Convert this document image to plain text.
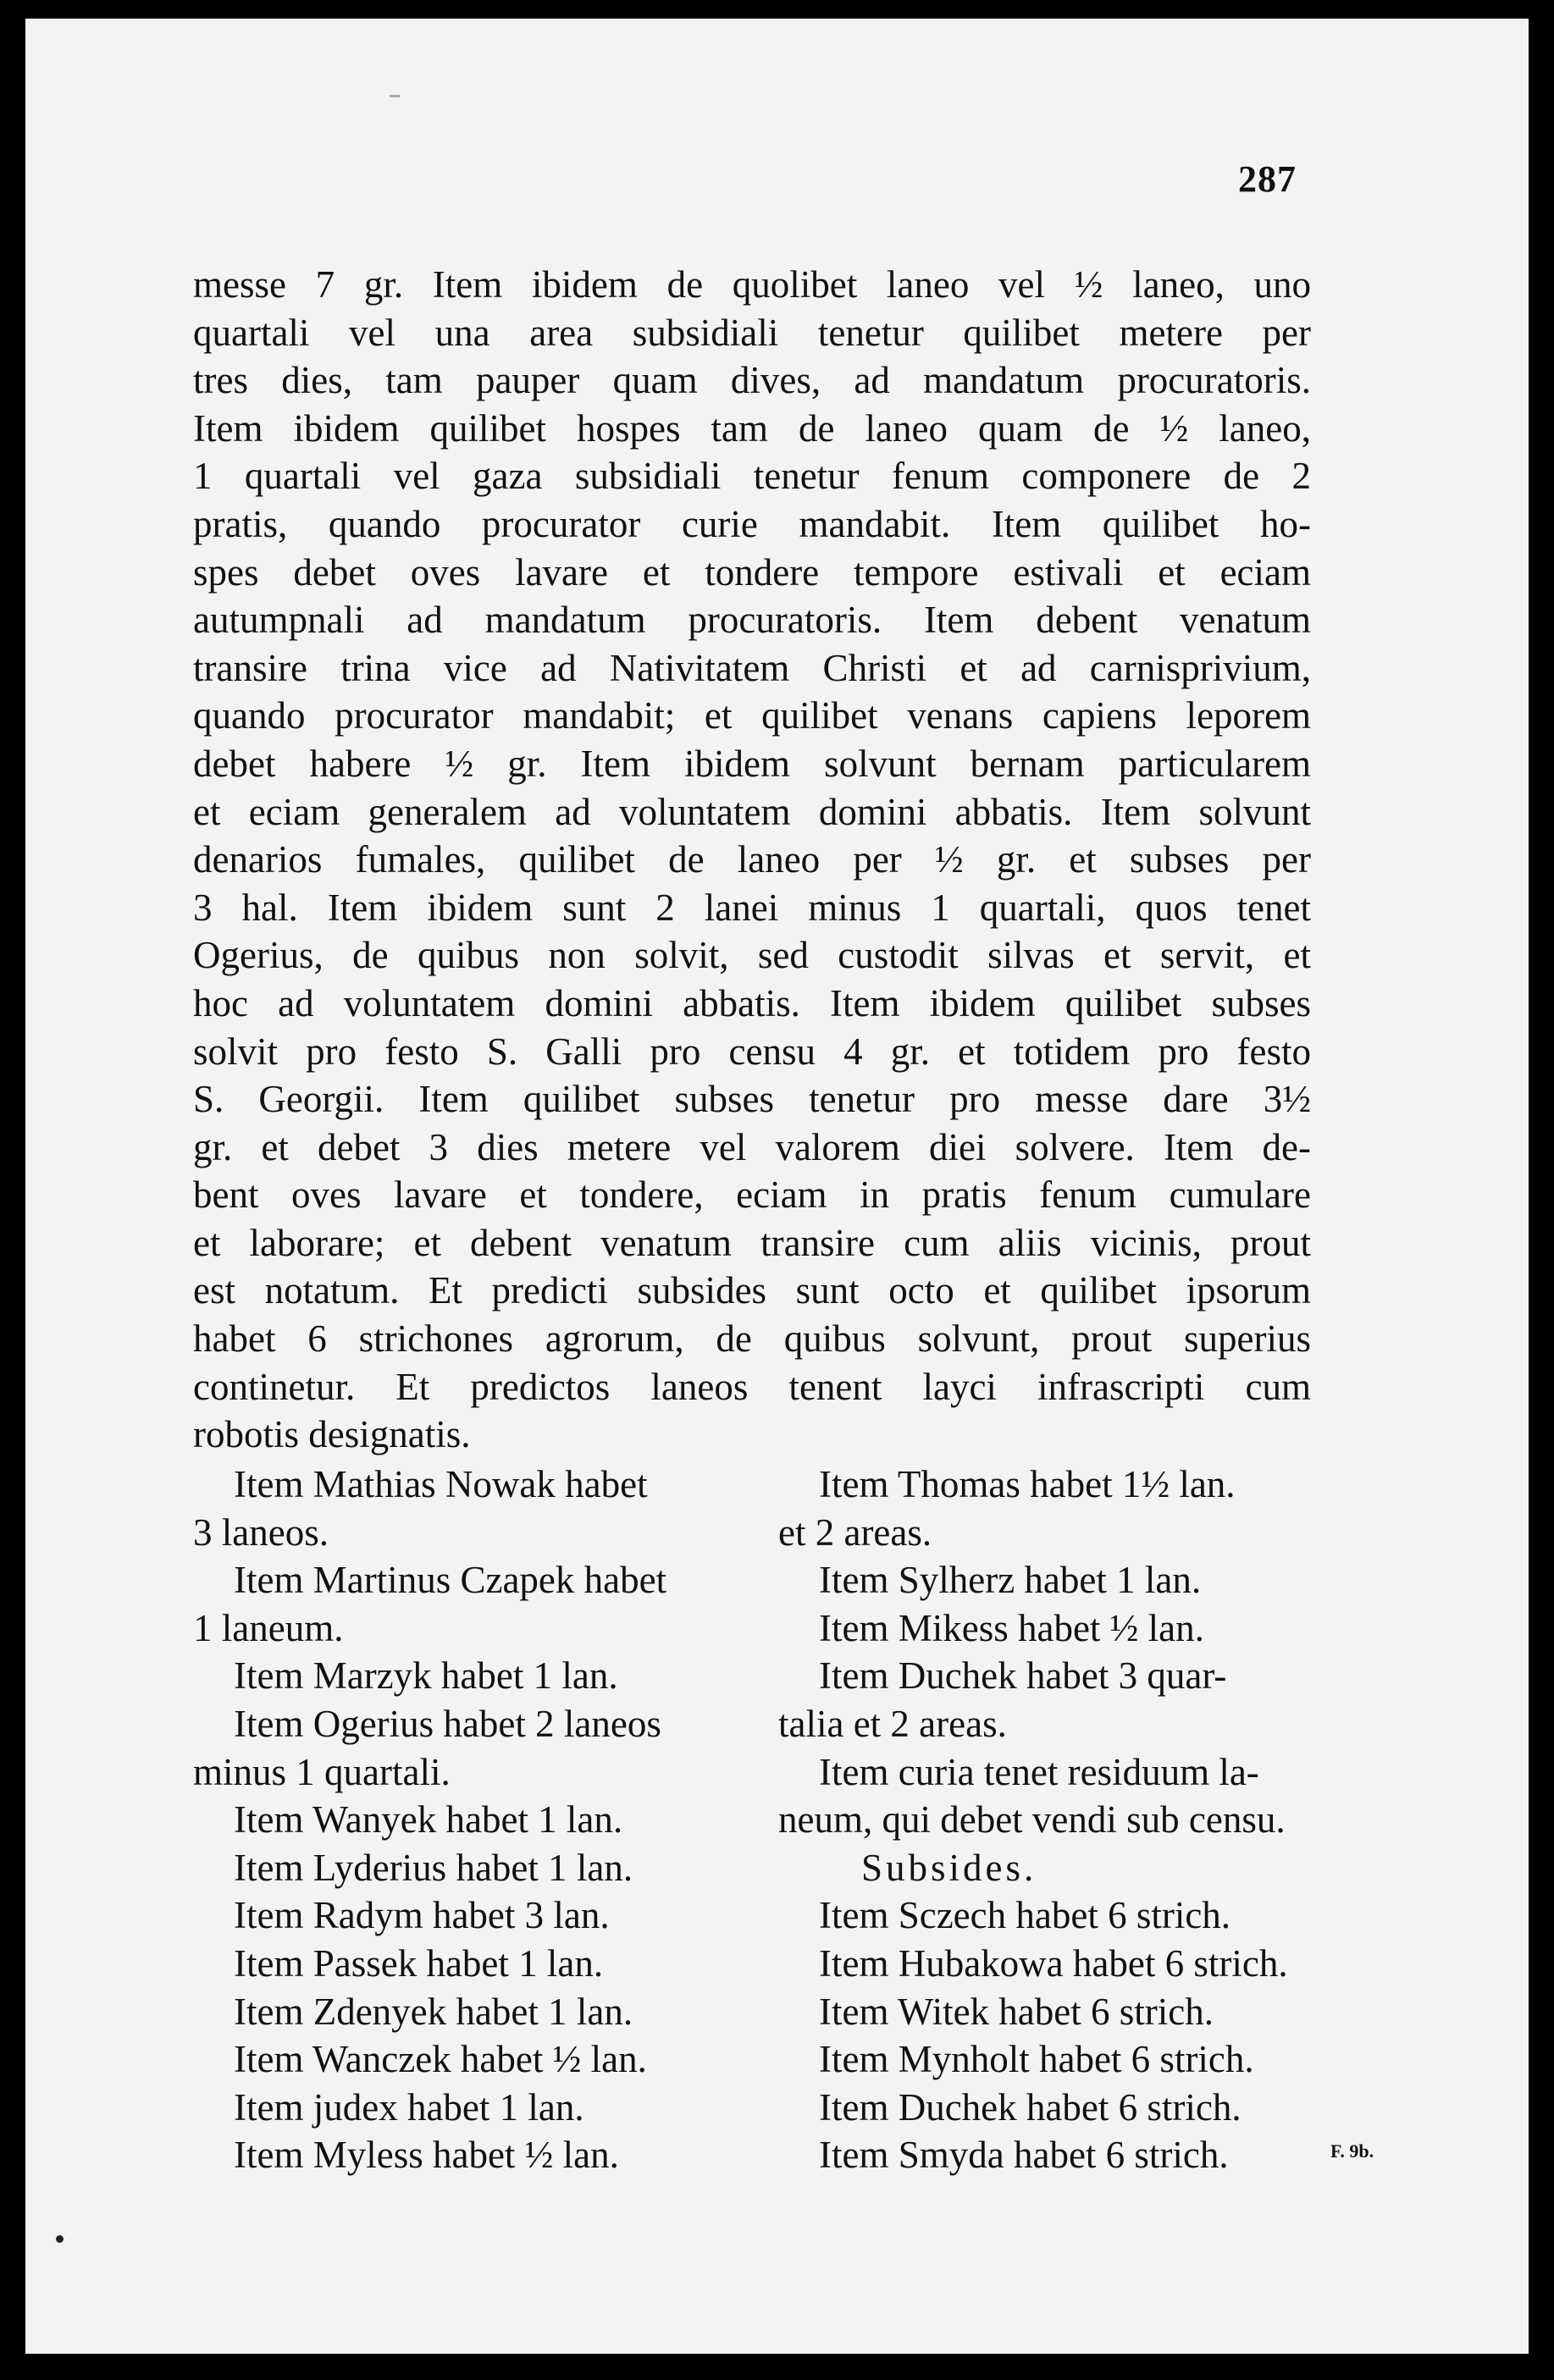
287
messe 7 gr. Item ibidem de quolibet laneo vel ½ laneo, uno
quartali vel una area subsidiali tenetur quilibet metere per
tres dies, tam pauper quam dives, ad mandatum procuratoris.
Item ibidem quilibet hospes tam de laneo quam de ½ laneo,
1 quartali vel gaza subsidiali tenetur fenum componere de 2
pratis, quando procurator curie mandabit. Item quilibet ho-
spes debet oves lavare et tondere tempore estivali et eciam
autumpnali ad mandatum procuratoris. Item debent venatum
transire trina vice ad Nativitatem Christi et ad carnisprivium,
quando procurator mandabit; et quilibet venans capiens leporem
debet habere ½ gr. Item ibidem solvunt bernam particularem
et eciam generalem ad voluntatem domini abbatis. Item solvunt
denarios fumales, quilibet de laneo per ½ gr. et subses per
3 hal. Item ibidem sunt 2 lanei minus 1 quartali, quos tenet
Ogerius, de quibus non solvit, sed custodit silvas et servit, et
hoc ad voluntatem domini abbatis. Item ibidem quilibet subses
solvit pro festo S. Galli pro censu 4 gr. et totidem pro festo
S. Georgii. Item quilibet subses tenetur pro messe dare 3½
gr. et debet 3 dies metere vel valorem diei solvere. Item de-
bent oves lavare et tondere, eciam in pratis fenum cumulare
et laborare; et debent venatum transire cum aliis vicinis, prout
est notatum. Et predicti subsides sunt octo et quilibet ipsorum
habet 6 strichones agrorum, de quibus solvunt, prout superius
continetur. Et predictos laneos tenent layci infrascripti cum
robotis designatis.
Item Mathias Nowak habet
3 laneos.
Item Martinus Czapek habet
1 laneum.
Item Marzyk habet 1 lan.
Item Ogerius habet 2 laneos
minus 1 quartali.
Item Wanyek habet 1 lan.
Item Lyderius habet 1 lan.
Item Radym habet 3 lan.
Item Passek habet 1 lan.
Item Zdenyek habet 1 lan.
Item Wanczek habet ½ lan.
Item judex habet 1 lan.
Item Myless habet ½ lan.
Item Thomas habet 1½ lan.
et 2 areas.
Item Sylherz habet 1 lan.
Item Mikess habet ½ lan.
Item Duchek habet 3 quar-
talia et 2 areas.
Item curia tenet residuum la-
neum, qui debet vendi sub censu.
Subsides.
Item Sczech habet 6 strich.
Item Hubakowa habet 6 strich.
Item Witek habet 6 strich.
Item Mynholt habet 6 strich.
Item Duchek habet 6 strich.
Item Smyda habet 6 strich.	F. 9b.
